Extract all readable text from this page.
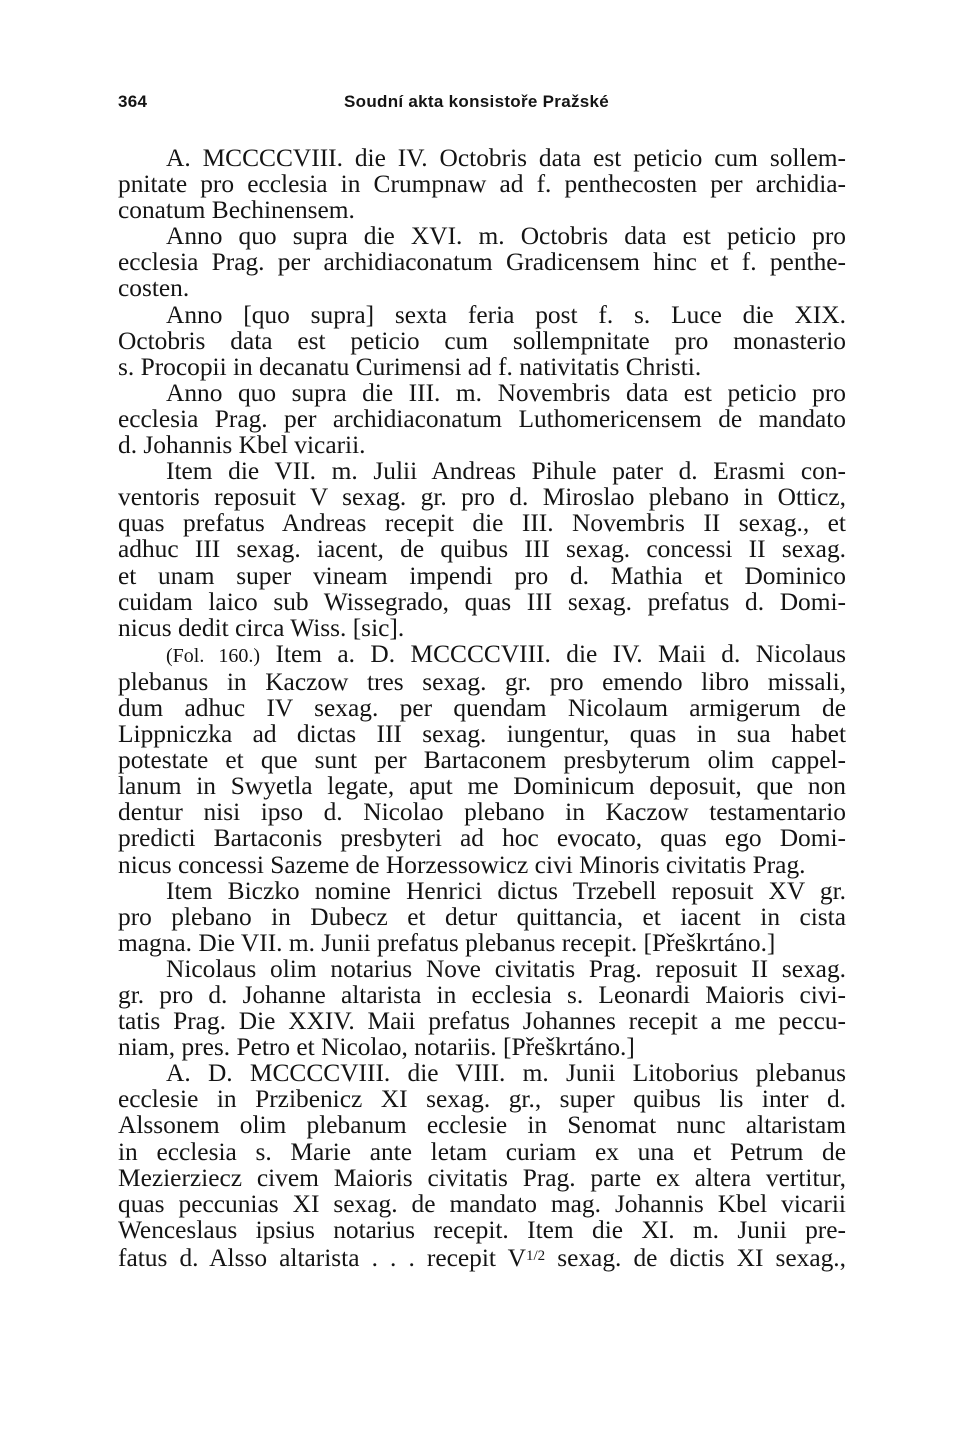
364	Soudní akta konsistoře Pražské

A. MCCCCVIII. die IV. Octobris data est peticio cum sollem-
pnitate pro ecclesia in Crumpnaw ad f. penthecosten per archidia-
conatum Bechinensem.

Anno quo supra die XVI. m. Octobris data est peticio pro
ecclesia Prag. per archidiaconatum Gradicensem hinc et f. penthe-
costen.

Anno [quo supra] sexta feria post f. s. Luce die XIX.
Octobris data est peticio cum sollempnitate pro monasterio
s. Procopii in decanatu Curimensi ad f. nativitatis Christi.

Anno quo supra die III. m. Novembris data est peticio pro
ecclesia Prag. per archidiaconatum Luthomericensem de mandato
d. Johannis Kbel vicarii.

Item die VII. m. Julii Andreas Pihule pater d. Erasmi con-
ventoris reposuit V sexag. gr. pro d. Miroslao plebano in Otticz,
quas prefatus Andreas recepit die III. Novembris II sexag., et
adhuc III sexag. iacent, de quibus III sexag. concessi II sexag.
et unam super vineam impendi pro d. Mathia et Dominico
cuidam laico sub Wissegrado, quas III sexag. prefatus d. Domi-
nicus dedit circa Wiss. [sic].

(Fol. 160.) Item a. D. MCCCCVIII. die IV. Maii d. Nicolaus
plebanus in Kaczow tres sexag. gr. pro emendo libro missali,
dum adhuc IV sexag. per quendam Nicolaum armigerum de
Lippniczka ad dictas III sexag. iungentur, quas in sua habet
potestate et que sunt per Bartaconem presbyterum olim cappel-
lanum in Swyetla legate, aput me Dominicum deposuit, que non
dentur nisi ipso d. Nicolao plebano in Kaczow testamentario
predicti Bartaconis presbyteri ad hoc evocato, quas ego Domi-
nicus concessi Sazeme de Horzessowicz civi Minoris civitatis Prag.

Item Biczko nomine Henrici dictus Trzebell reposuit XV gr.
pro plebano in Dubecz et detur quittancia, et iacent in cista
magna. Die VII. m. Junii prefatus plebanus recepit. [Přeškrtáno.]

Nicolaus olim notarius Nove civitatis Prag. reposuit II sexag.
gr. pro d. Johanne altarista in ecclesia s. Leonardi Maioris civi-
tatis Prag. Die XXIV. Maii prefatus Johannes recepit a me peccu-
niam, pres. Petro et Nicolao, notariis. [Přeškrtáno.]

A. D. MCCCCVIII. die VIII. m. Junii Litoborius plebanus
ecclesie in Przibenicz XI sexag. gr., super quibus lis inter d.
Alssonem olim plebanum ecclesie in Senomat nunc altaristam
in ecclesia s. Marie ante letam curiam ex una et Petrum de
Mezierziecz civem Maioris civitatis Prag. parte ex altera vertitur,
quas peccunias XI sexag. de mandato mag. Johannis Kbel vicarii
Wenceslaus ipsius notarius recepit. Item die XI. m. Junii pre-
fatus d. Alsso altarista . . . recepit $V^{1/2}$ sexag. de dictis XI sexag.,
